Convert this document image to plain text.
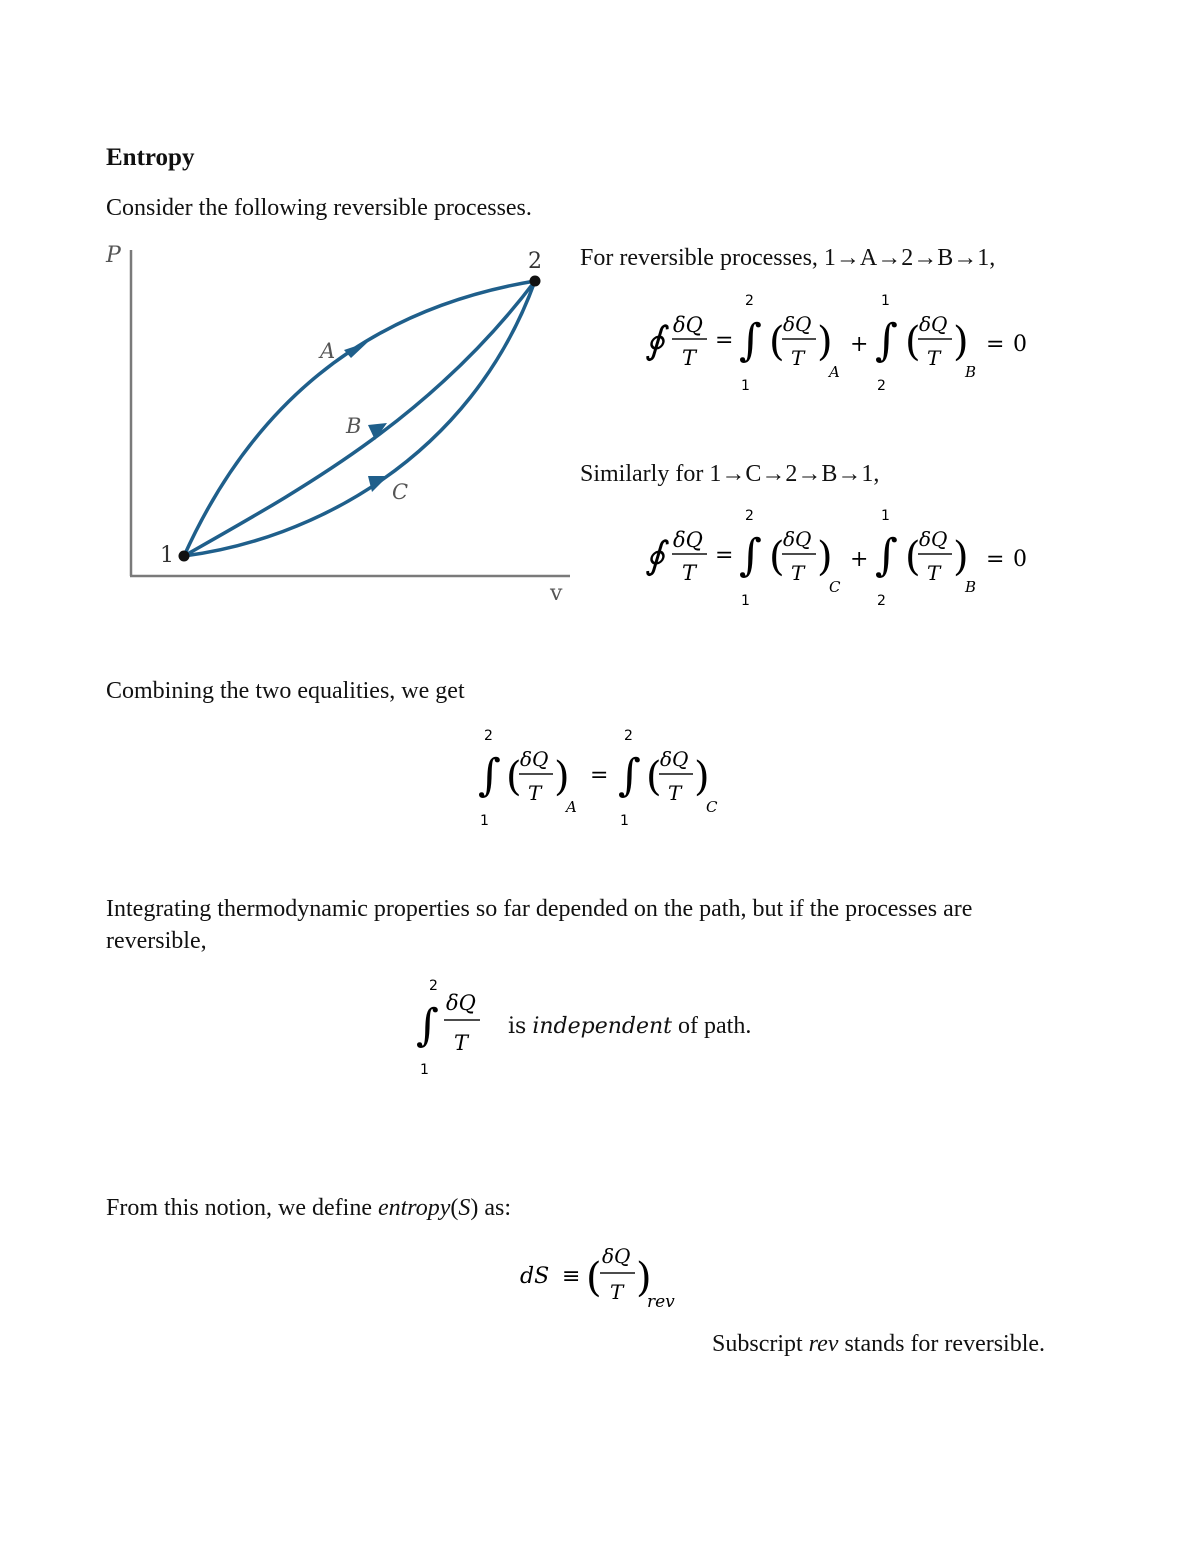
Entropy
Consider the following reversible processes.
P
v
1
2
A
B
C
For reversible processes, 1→A→2→B→1,
Similarly for 1→C→2→B→1,
∮ δQ
T
= ∫
2
1
(
δQ
T )
A
+ ∫
1
2
(
δQ
T )
B
= 0
∮ δQ
T
= ∫
2
1
(
δQ
T )
C
+ ∫
1
2
(
δQ
T )
B
= 0
Combining the two equalities, we get
∫
2
1
(
δQ
T )
A
= ∫
2
1
(
δQ
T )
C
Integrating thermodynamic properties so far depended on the path, but if the processes are
reversible,
∫
2
1
δQ
T
is independent of path.
From this notion, we define entropy(S) as:
dS ≡ ( δQ
T )
rev
Subscript rev stands for reversible.
